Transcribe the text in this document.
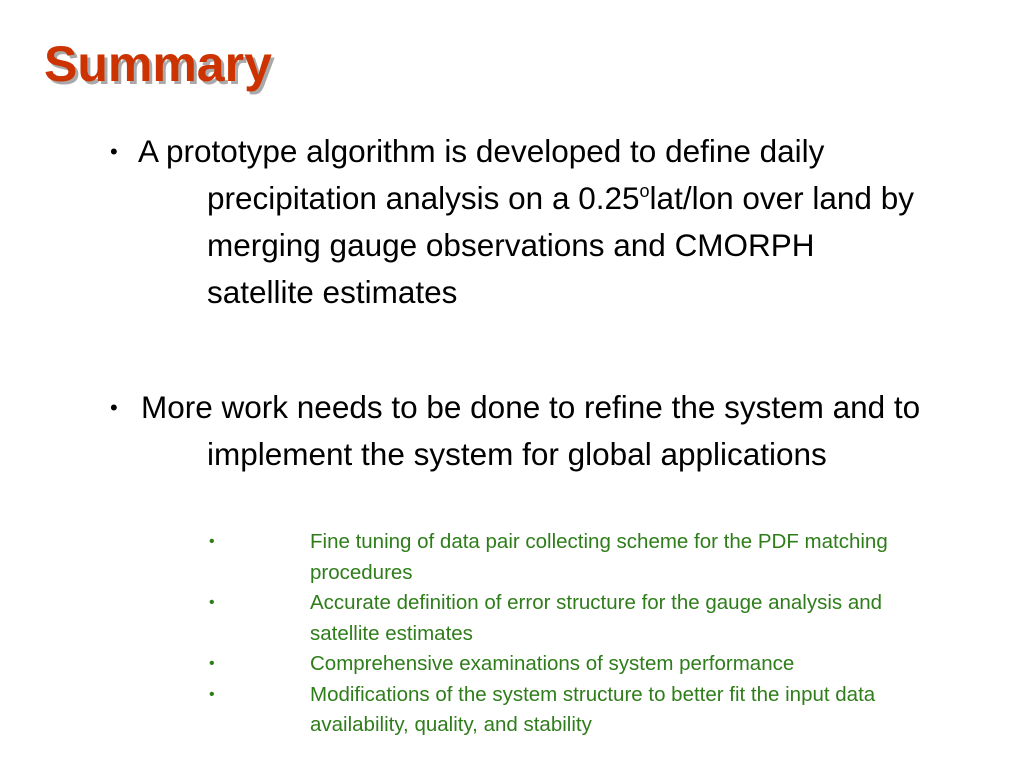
Summary
• A prototype algorithm is developed to define daily precipitation analysis on a 0.25$^o$lat/lon over land by merging gauge observations and CMORPH satellite estimates

• More work needs to be done to refine the system and to implement the system for global applications

•	Fine tuning of data pair collecting scheme for the PDF matching procedures

•	Accurate definition of error structure for the gauge analysis and satellite estimates

•	Comprehensive examinations of system performance

•	Modifications of the system structure to better fit the input data availability, quality, and stability
